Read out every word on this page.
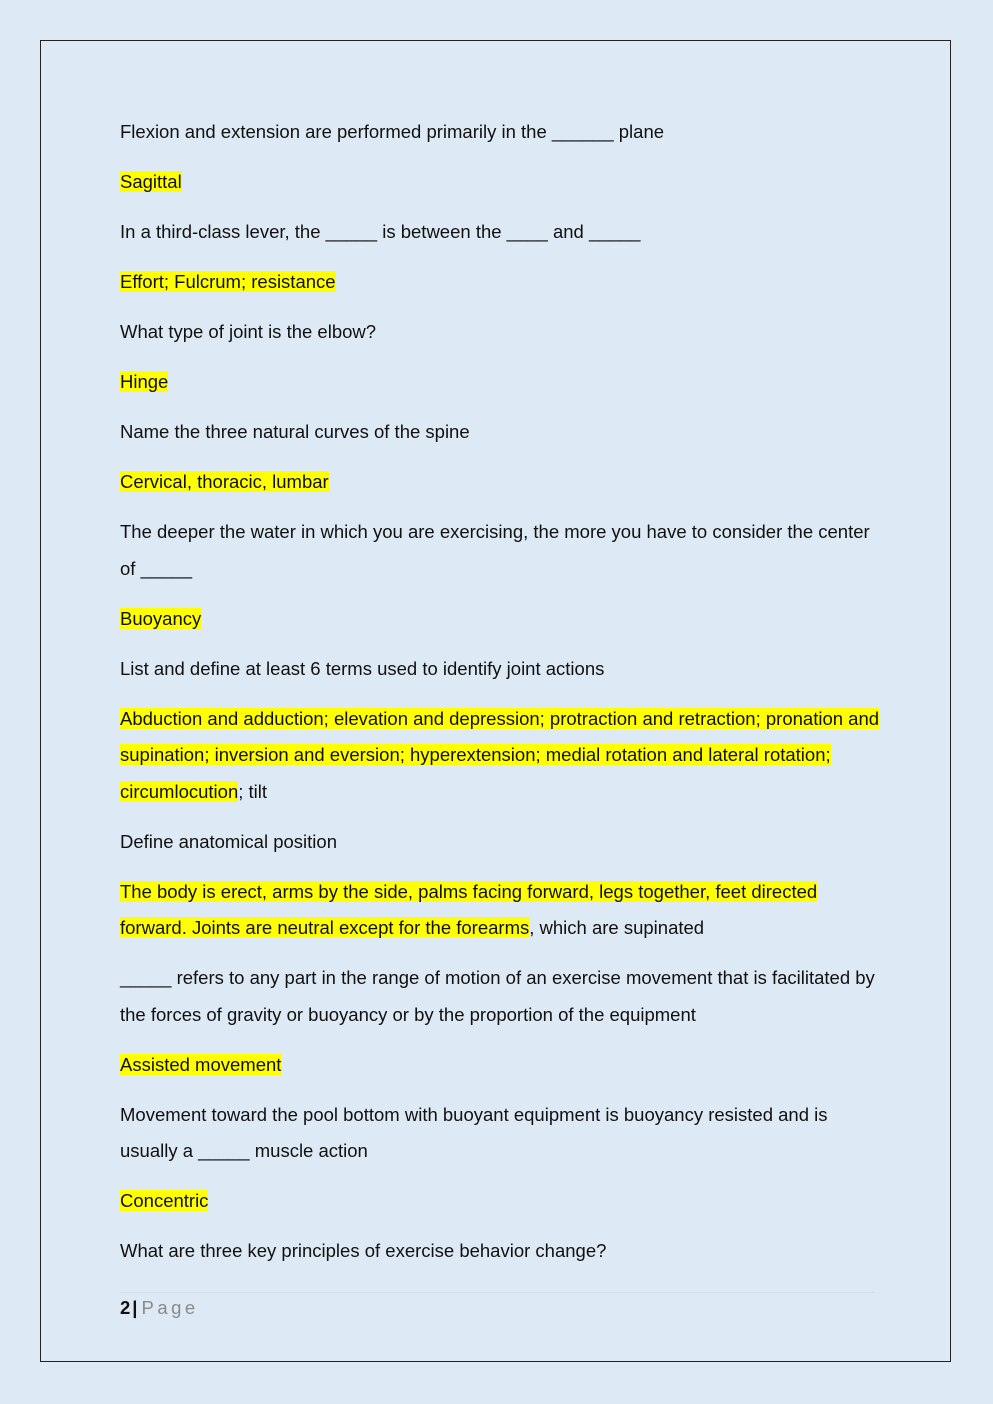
Flexion and extension are performed primarily in the ______ plane

Sagittal

In a third-class lever, the _____ is between the ____ and _____

Effort; Fulcrum; resistance

What type of joint is the elbow?

Hinge

Name the three natural curves of the spine

Cervical, thoracic, lumbar

The deeper the water in which you are exercising, the more you have to consider the center of _____

Buoyancy

List and define at least 6 terms used to identify joint actions

Abduction and adduction; elevation and depression; protraction and retraction; pronation and supination; inversion and eversion; hyperextension; medial rotation and lateral rotation; circumlocution; tilt

Define anatomical position

The body is erect, arms by the side, palms facing forward, legs together, feet directed forward. Joints are neutral except for the forearms, which are supinated

_____ refers to any part in the range of motion of an exercise movement that is facilitated by the forces of gravity or buoyancy or by the proportion of the equipment

Assisted movement

Movement toward the pool bottom with buoyant equipment is buoyancy resisted and is usually a _____ muscle action

Concentric

What are three key principles of exercise behavior change?

2 | Page
